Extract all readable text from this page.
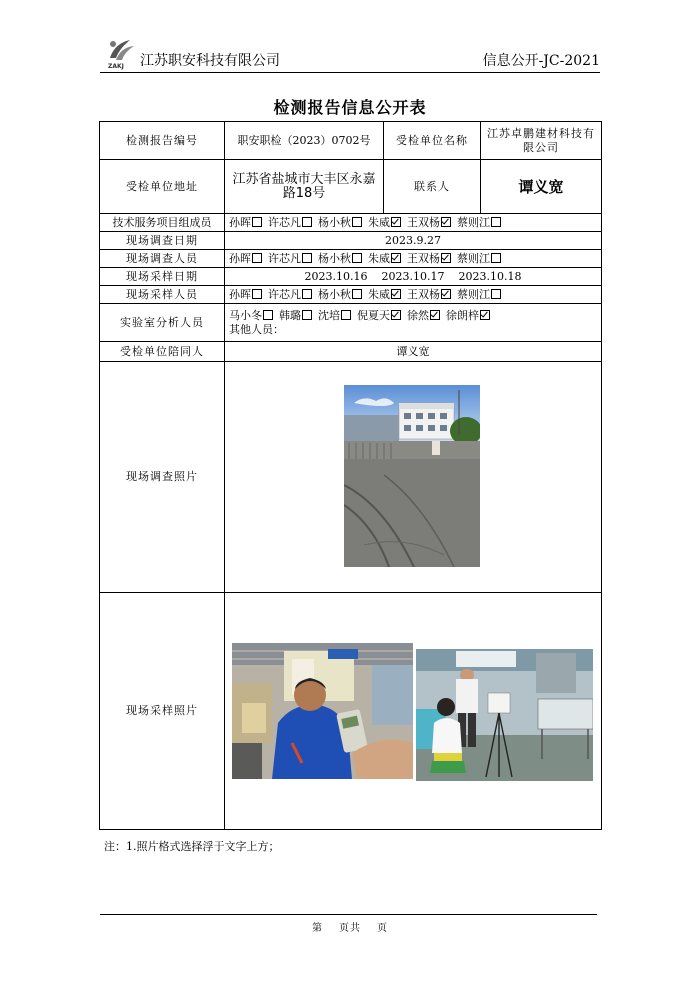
ZAKJ 江苏职安科技有限公司	信息公开-JC-2021
检测报告信息公开表
检测报告编号	职安职检（2023）0702号	受检单位名称	江苏卓鹏建材科技有限公司
受检单位地址	江苏省盐城市大丰区永嘉路18号	联系人	谭义宽
技术服务项目组成员	孙晖 许芯凡 杨小秋 朱威 王双杨 蔡则江		
现场调查日期	2023.9.27		
现场调查人员	孙晖 许芯凡 杨小秋 朱威 王双杨 蔡则江		
现场采样日期	2023.10.16    2023.10.17    2023.10.18		
现场采样人员	孙晖 许芯凡 杨小秋 朱威 王双杨 蔡则江		
实验室分析人员	马小冬 韩璐 沈培 倪夏天 徐然 徐朗梓
其他人员：		

受检单位陪同人	谭义宽		
现场调查照片	

现场采样照片	
注：1.照片格式选择浮于文字上方；
第 页共 页
